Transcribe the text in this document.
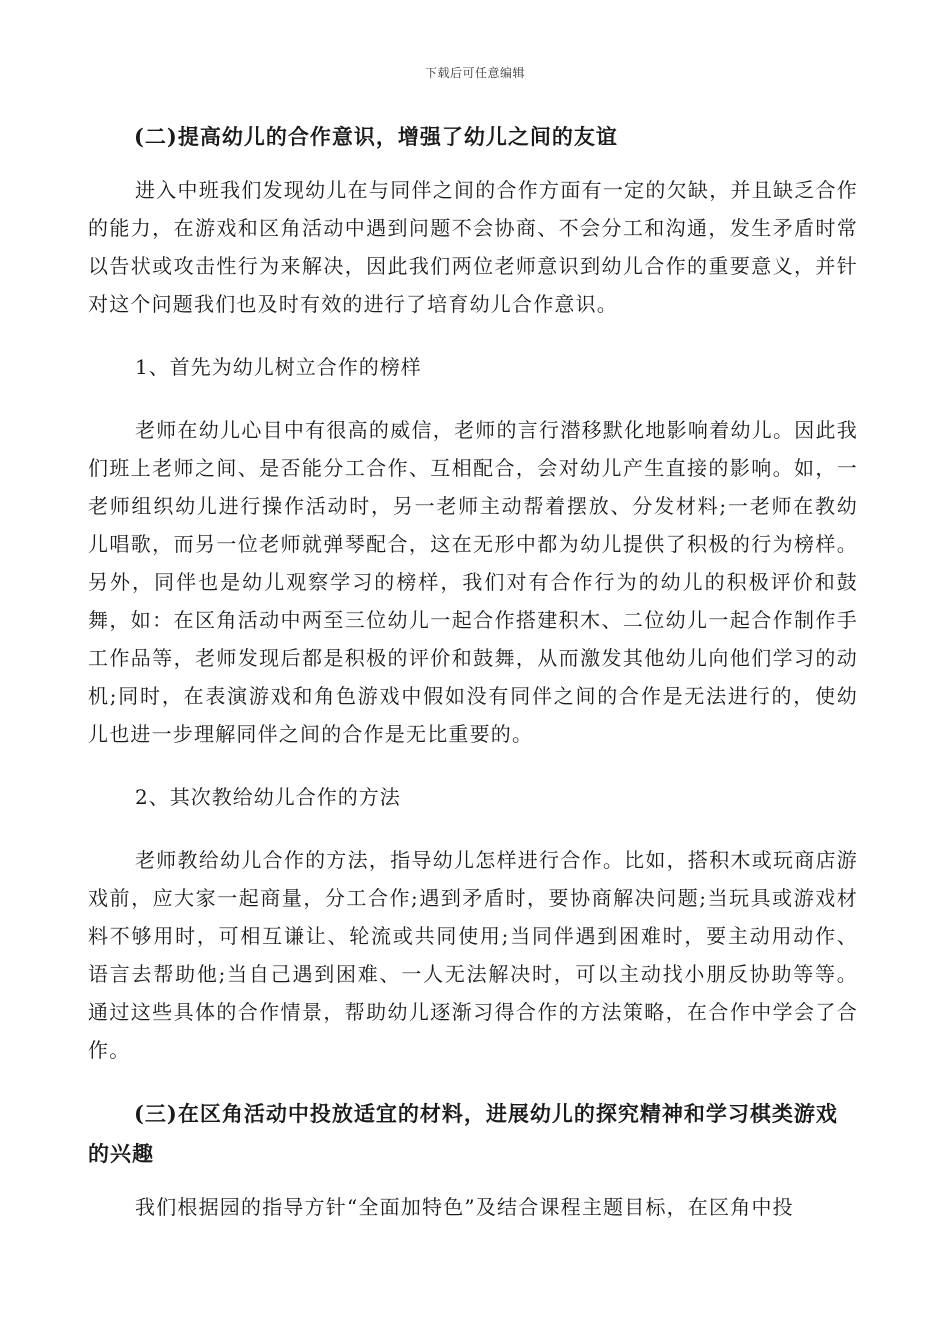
下载后可任意编辑
(二)提高幼儿的合作意识，增强了幼儿之间的友谊

进入中班我们发现幼儿在与同伴之间的合作方面有一定的欠缺，并且缺乏合作的能力，在游戏和区角活动中遇到问题不会协商、不会分工和沟通，发生矛盾时常以告状或攻击性行为来解决，因此我们两位老师意识到幼儿合作的重要意义，并针对这个问题我们也及时有效的进行了培育幼儿合作意识。

1、首先为幼儿树立合作的榜样

老师在幼儿心目中有很高的威信，老师的言行潜移默化地影响着幼儿。因此我们班上老师之间、是否能分工合作、互相配合，会对幼儿产生直接的影响。如，一老师组织幼儿进行操作活动时，另一老师主动帮着摆放、分发材料;一老师在教幼儿唱歌，而另一位老师就弹琴配合，这在无形中都为幼儿提供了积极的行为榜样。另外，同伴也是幼儿观察学习的榜样，我们对有合作行为的幼儿的积极评价和鼓舞，如：在区角活动中两至三位幼儿一起合作搭建积木、二位幼儿一起合作制作手工作品等，老师发现后都是积极的评价和鼓舞，从而激发其他幼儿向他们学习的动机;同时，在表演游戏和角色游戏中假如没有同伴之间的合作是无法进行的，使幼儿也进一步理解同伴之间的合作是无比重要的。

2、其次教给幼儿合作的方法

老师教给幼儿合作的方法，指导幼儿怎样进行合作。比如，搭积木或玩商店游戏前，应大家一起商量，分工合作;遇到矛盾时，要协商解决问题;当玩具或游戏材料不够用时，可相互谦让、轮流或共同使用;当同伴遇到困难时，要主动用动作、语言去帮助他;当自己遇到困难、一人无法解决时，可以主动找小朋反协助等等。通过这些具体的合作情景，帮助幼儿逐渐习得合作的方法策略，在合作中学会了合作。

(三)在区角活动中投放适宜的材料，进展幼儿的探究精神和学习棋类游戏的兴趣

我们根据园的指导方针“全面加特色”及结合课程主题目标，在区角中投
